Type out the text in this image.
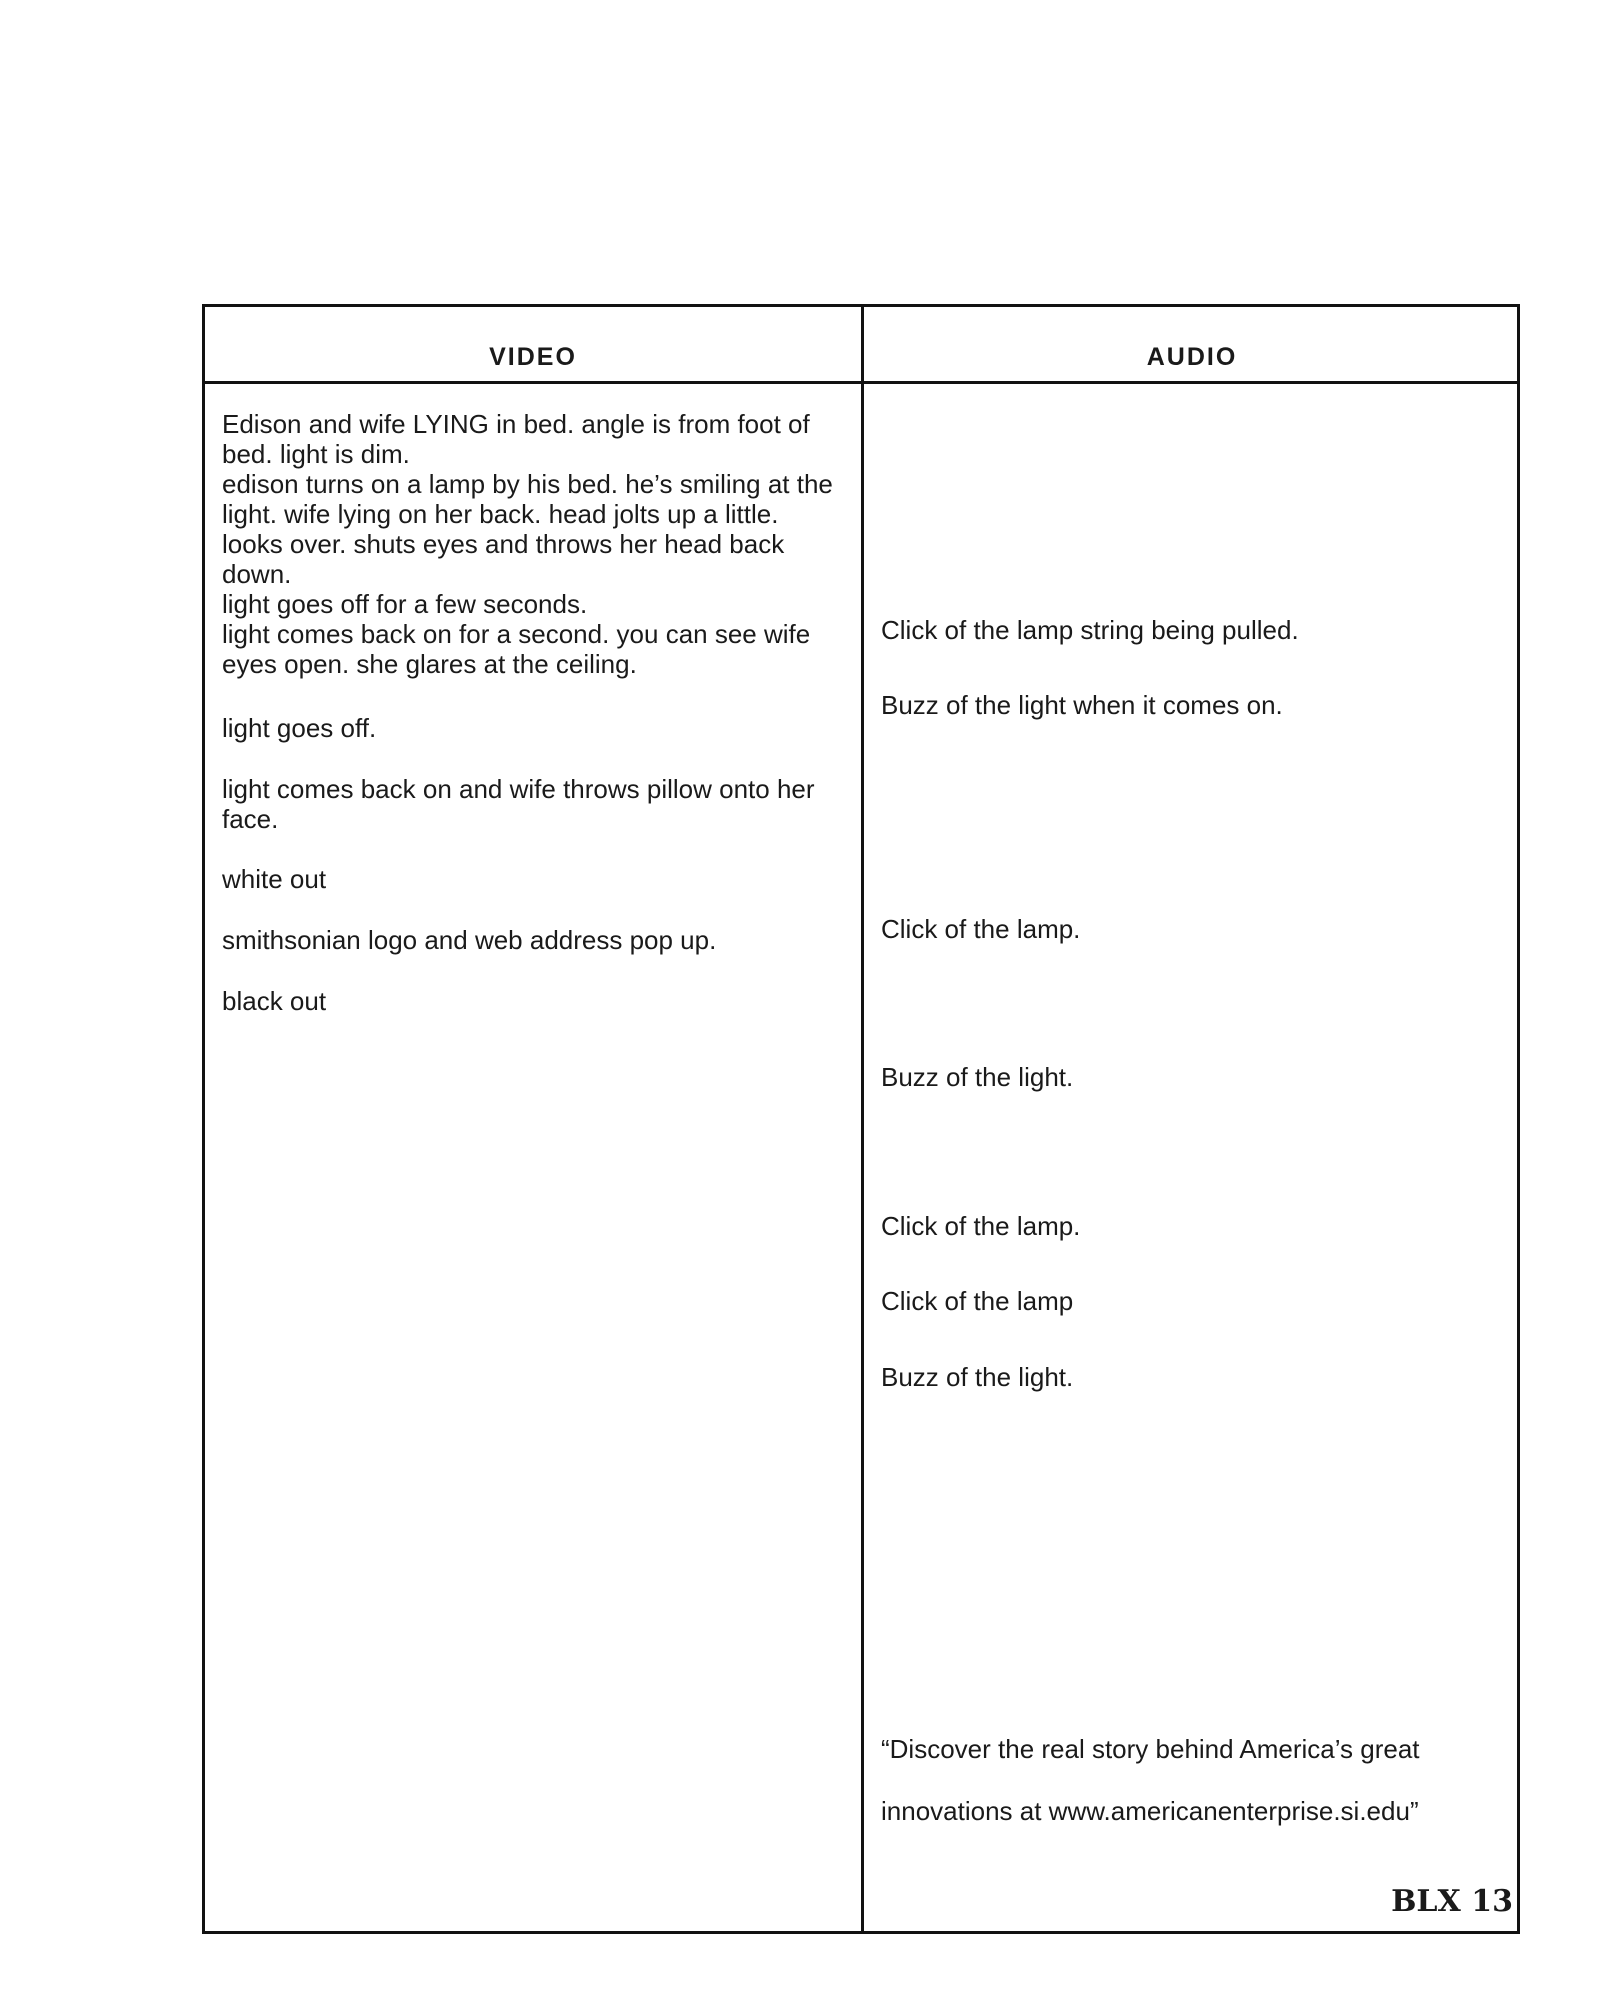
VIDEO	AUDIO
Edison and wife LYING in bed. angle is from foot of bed. light is dim.
edison turns on a lamp by his bed. he’s smiling at the light. wife lying on her back. head jolts up a little. looks over. shuts eyes and throws her head back down.
light goes off for a few seconds.
light comes back on for a second. you can see wife eyes open. she glares at the ceiling.

light goes off.

light comes back on and wife throws pillow onto her face.

white out

smithsonian logo and web address pop up.

black out

Click of the lamp string being pulled.

Buzz of the light when it comes on.

Click of the lamp.

Buzz of the light.

Click of the lamp.

Click of the lamp

Buzz of the light.

“Discover the real story behind America’s great
innovations at www.americanenterprise.si.edu”
BLX 13
